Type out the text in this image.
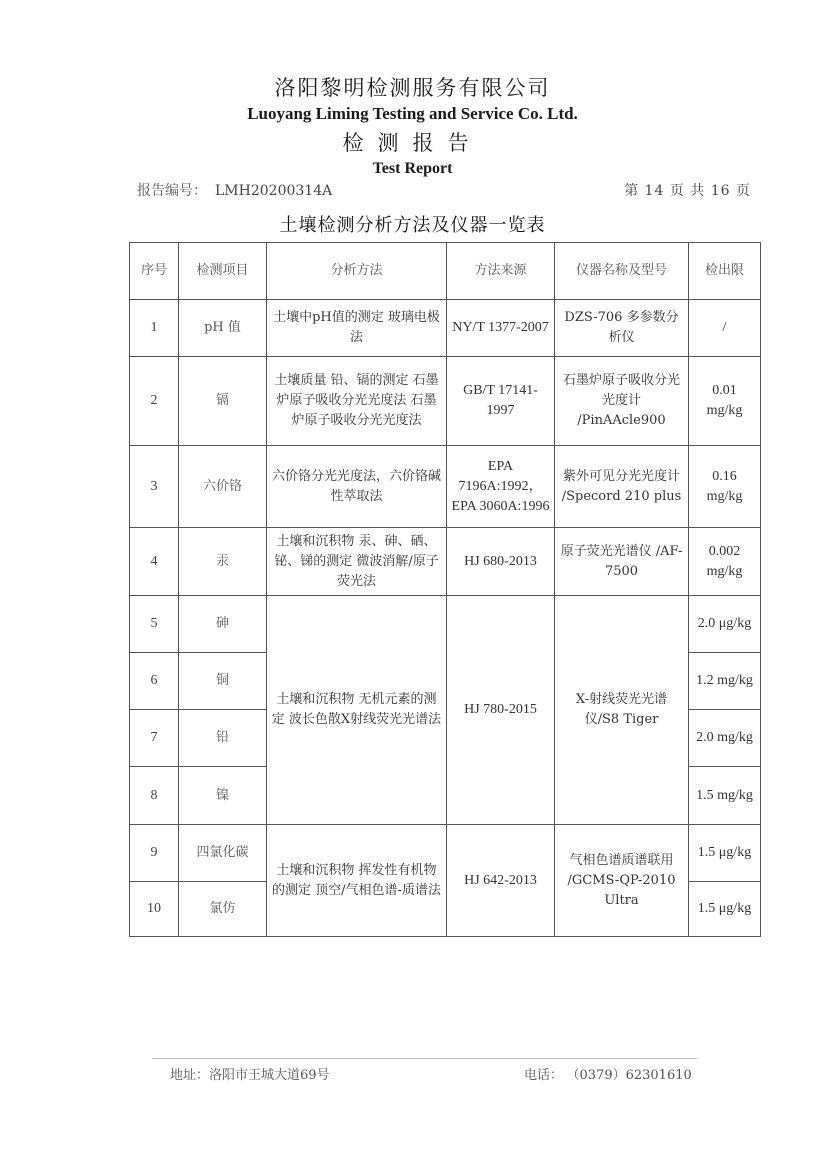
洛阳黎明检测服务有限公司
Luoyang Liming Testing and Service Co. Ltd.
检测报告
Test Report
报告编号： LMH20200314A	第 14 页 共 16 页
土壤检测分析方法及仪器一览表
序号	检测项目	分析方法	方法来源	仪器名称及型号	检出限
1	pH 值	土壤中pH值的测定 玻璃电极法	NY/T 1377-2007	DZS-706 多参数分析仪	/
2	镉	土壤质量 铅、镉的测定 石墨炉原子吸收分光光度法 石墨炉原子吸收分光光度法	GB/T 17141-1997	石墨炉原子吸收分光光度计 /PinAAcle900	0.01 mg/kg
3	六价铬	六价铬分光光度法，六价铬碱性萃取法	EPA 7196A:1992，EPA 3060A:1996	紫外可见分光光度计 /Specord 210 plus	0.16 mg/kg
4	汞	土壤和沉积物 汞、砷、硒、铋、锑的测定 微波消解/原子荧光法	HJ 680-2013	原子荧光光谱仪 /AF-7500	0.002 mg/kg
5	砷	土壤和沉积物 无机元素的测定 波长色散X射线荧光光谱法	HJ 780-2015	X-射线荧光光谱仪/S8 Tiger	2.0 μg/kg
6	铜				1.2 mg/kg
7	铅				2.0 mg/kg
8	镍				1.5 mg/kg
9	四氯化碳	土壤和沉积物 挥发性有机物的测定 顶空/气相色谱-质谱法	HJ 642-2013	气相色谱质谱联用 /GCMS-QP-2010 Ultra	1.5 μg/kg
10	氯仿				1.5 μg/kg
地址：洛阳市王城大道69号	电话： （0379）62301610
